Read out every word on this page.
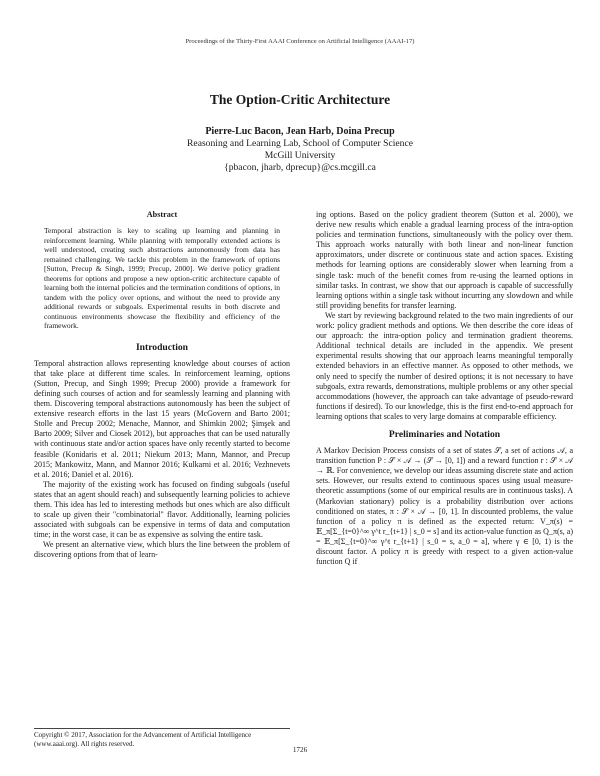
Proceedings of the Thirty-First AAAI Conference on Artificial Intelligence (AAAI-17)
The Option-Critic Architecture
Pierre-Luc Bacon, Jean Harb, Doina Precup
Reasoning and Learning Lab, School of Computer Science
McGill University
{pbacon, jharb, dprecup}@cs.mcgill.ca
Abstract
Temporal abstraction is key to scaling up learning and planning in reinforcement learning. While planning with temporally extended actions is well understood, creating such abstractions autonomously from data has remained challenging. We tackle this problem in the framework of options [Sutton, Precup & Singh, 1999; Precup, 2000]. We derive policy gradient theorems for options and propose a new option-critic architecture capable of learning both the internal policies and the termination conditions of options, in tandem with the policy over options, and without the need to provide any additional rewards or subgoals. Experimental results in both discrete and continuous environments showcase the flexibility and efficiency of the framework.
Introduction

Temporal abstraction allows representing knowledge about courses of action that take place at different time scales. In reinforcement learning, options (Sutton, Precup, and Singh 1999; Precup 2000) provide a framework for defining such courses of action and for seamlessly learning and planning with them. Discovering temporal abstractions autonomously has been the subject of extensive research efforts in the last 15 years (McGovern and Barto 2001; Stolle and Precup 2002; Menache, Mannor, and Shimkin 2002; Şimşek and Barto 2009; Silver and Ciosek 2012), but approaches that can be used naturally with continuous state and/or action spaces have only recently started to become feasible (Konidaris et al. 2011; Niekum 2013; Mann, Mannor, and Precup 2015; Mankowitz, Mann, and Mannor 2016; Kulkarni et al. 2016; Vezhnevets et al. 2016; Daniel et al. 2016).

The majority of the existing work has focused on finding subgoals (useful states that an agent should reach) and subsequently learning policies to achieve them. This idea has led to interesting methods but ones which are also difficult to scale up given their "combinatorial" flavor. Additionally, learning policies associated with subgoals can be expensive in terms of data and computation time; in the worst case, it can be as expensive as solving the entire task.

We present an alternative view, which blurs the line between the problem of discovering options from that of learn-

ing options. Based on the policy gradient theorem (Sutton et al. 2000), we derive new results which enable a gradual learning process of the intra-option policies and termination functions, simultaneously with the policy over them. This approach works naturally with both linear and non-linear function approximators, under discrete or continuous state and action spaces. Existing methods for learning options are considerably slower when learning from a single task: much of the benefit comes from re-using the learned options in similar tasks. In contrast, we show that our approach is capable of successfully learning options within a single task without incurring any slowdown and while still providing benefits for transfer learning.

We start by reviewing background related to the two main ingredients of our work: policy gradient methods and options. We then describe the core ideas of our approach: the intra-option policy and termination gradient theorems. Additional technical details are included in the appendix. We present experimental results showing that our approach learns meaningful temporally extended behaviors in an effective manner. As opposed to other methods, we only need to specify the number of desired options; it is not necessary to have subgoals, extra rewards, demonstrations, multiple problems or any other special accommodations (however, the approach can take advantage of pseudo-reward functions if desired). To our knowledge, this is the first end-to-end approach for learning options that scales to very large domains at comparable efficiency.

Preliminaries and Notation

A Markov Decision Process consists of a set of states 𝒮, a set of actions 𝒜, a transition function P : 𝒮 × 𝒜 → (𝒮 → [0, 1]) and a reward function r : 𝒮 × 𝒜 → ℝ. For convenience, we develop our ideas assuming discrete state and action sets. However, our results extend to continuous spaces using usual measure-theoretic assumptions (some of our empirical results are in continuous tasks). A (Markovian stationary) policy is a probability distribution over actions conditioned on states, π : 𝒮 × 𝒜 → [0, 1]. In discounted problems, the value function of a policy π is defined as the expected return: V_π(s) = 𝔼_π[Σ_{t=0}^∞ γ^t r_{t+1} | s_0 = s] and its action-value function as Q_π(s, a) = 𝔼_π[Σ_{t=0}^∞ γ^t r_{t+1} | s_0 = s, a_0 = a], where γ ∈ [0, 1) is the discount factor. A policy π is greedy with respect to a given action-value function Q if

Copyright © 2017, Association for the Advancement of Artificial Intelligence (www.aaai.org). All rights reserved.
1726
